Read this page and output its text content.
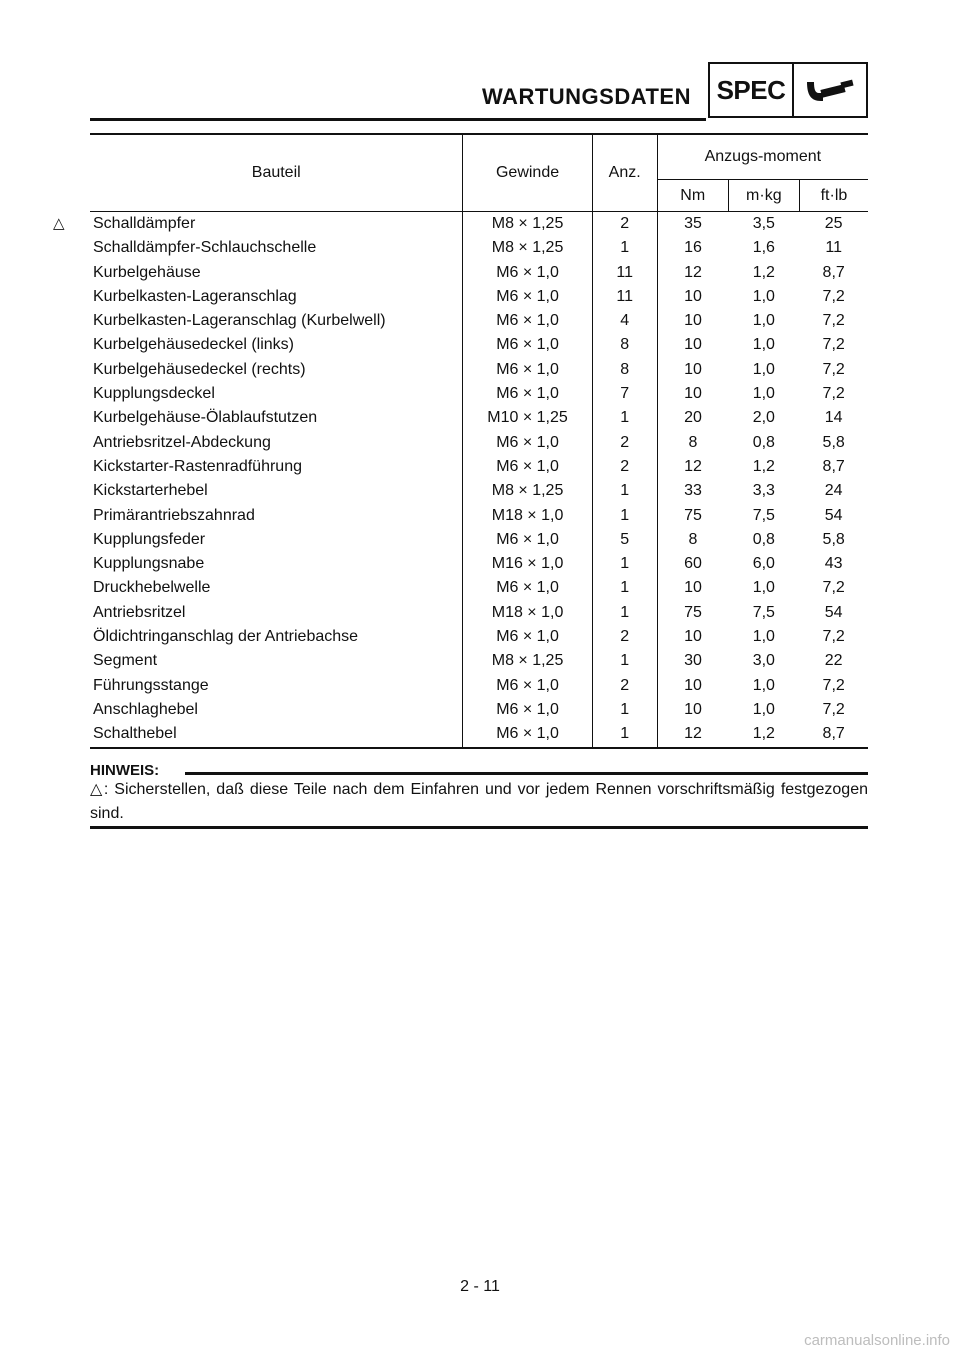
WARTUNGSDATEN SPEC
Bauteil	Gewinde	Anz.	Anzugs-moment		
			Nm	m·kg	ft·lb

△ Schalldämpfer	M8 × 1,25	2	35	3,5	25
Schalldämpfer-Schlauchschelle	M8 × 1,25	1	16	1,6	11
Kurbelgehäuse	M6 × 1,0	11	12	1,2	8,7
Kurbelkasten-Lageranschlag	M6 × 1,0	11	10	1,0	7,2
Kurbelkasten-Lageranschlag (Kurbelwell)	M6 × 1,0	4	10	1,0	7,2
Kurbelgehäusedeckel (links)	M6 × 1,0	8	10	1,0	7,2
Kurbelgehäusedeckel (rechts)	M6 × 1,0	8	10	1,0	7,2
Kupplungsdeckel	M6 × 1,0	7	10	1,0	7,2
Kurbelgehäuse-Ölablaufstutzen	M10 × 1,25	1	20	2,0	14
Antriebsritzel-Abdeckung	M6 × 1,0	2	8	0,8	5,8
Kickstarter-Rastenradführung	M6 × 1,0	2	12	1,2	8,7
Kickstarterhebel	M8 × 1,25	1	33	3,3	24
Primärantriebszahnrad	M18 × 1,0	1	75	7,5	54
Kupplungsfeder	M6 × 1,0	5	8	0,8	5,8
Kupplungsnabe	M16 × 1,0	1	60	6,0	43
Druckhebelwelle	M6 × 1,0	1	10	1,0	7,2
Antriebsritzel	M18 × 1,0	1	75	7,5	54
Öldichtringanschlag der Antriebachse	M6 × 1,0	2	10	1,0	7,2
Segment	M8 × 1,25	1	30	3,0	22
Führungsstange	M6 × 1,0	2	10	1,0	7,2
Anschlaghebel	M6 × 1,0	1	10	1,0	7,2
Schalthebel	M6 × 1,0	1	12	1,2	8,7
HINWEIS:
△: Sicherstellen, daß diese Teile nach dem Einfahren und vor jedem Rennen vorschriftsmäßig festgezogen sind.
2 - 11
carmanualsonline.info
